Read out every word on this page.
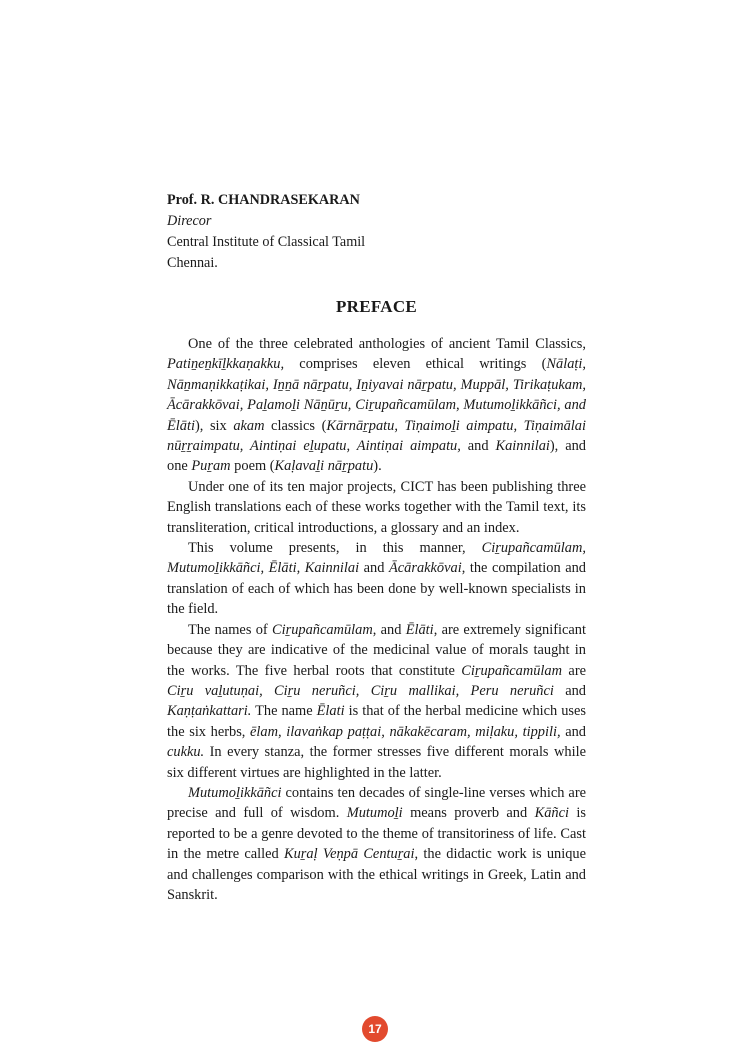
Prof. R. CHANDRASEKARAN
Direcor
Central Institute of Classical Tamil
Chennai.
PREFACE

One of the three celebrated anthologies of ancient Tamil Classics, Patiṉeṉkīḻkkaṇakku, comprises eleven ethical writings (Nālaṭi, Nāṉmaṇikkaṭikai, Iṉṉā nāṟpatu, Iṉiyavai nāṟpatu, Muppāl, Tirikaṭukam, Ācārakkōvai, Paḻamoḻi Nāṉūṟu, Ciṟupañcamūlam, Mutumoḻikkāñci, and Ēlāti), six akam classics (Kārnāṟpatu, Tiṇaimoḻi aimpatu, Tiṇaimālai nūṟṟaimpatu, Aintiṇai eḻupatu, Aintiṇai aimpatu, and Kainnilai), and one Puṟam poem (Kaḷavaḻi nāṟpatu).

Under one of its ten major projects, CICT has been publishing three English translations each of these works together with the Tamil text, its transliteration, critical introductions, a glossary and an index.

This volume presents, in this manner, Ciṟupañcamūlam, Mutumoḻikkāñci, Ēlāti, Kainnilai and Ācārakkōvai, the compilation and translation of each of which has been done by well-known specialists in the field.

The names of Ciṟupañcamūlam, and Ēlāti, are extremely significant because they are indicative of the medicinal value of morals taught in the works. The five herbal roots that constitute Ciṟupañcamūlam are Ciṟu vaḻutuṇai, Ciṟu neruñci, Ciṟu mallikai, Peru neruñci and Kaṇṭaṅkattari. The name Ēlati is that of the herbal medicine which uses the six herbs, ēlam, ilavaṅkap paṭṭai, nākakēcaram, miḷaku, tippili, and cukku. In every stanza, the former stresses five different morals while six different virtues are highlighted in the latter.

Mutumoḻikkāñci contains ten decades of single-line verses which are precise and full of wisdom. Mutumoḻi means proverb and Kāñci is reported to be a genre devoted to the theme of transitoriness of life. Cast in the metre called Kuṟaḷ Veṇpā Centuṟai, the didactic work is unique and challenges comparison with the ethical writings in Greek, Latin and Sanskrit.

17
